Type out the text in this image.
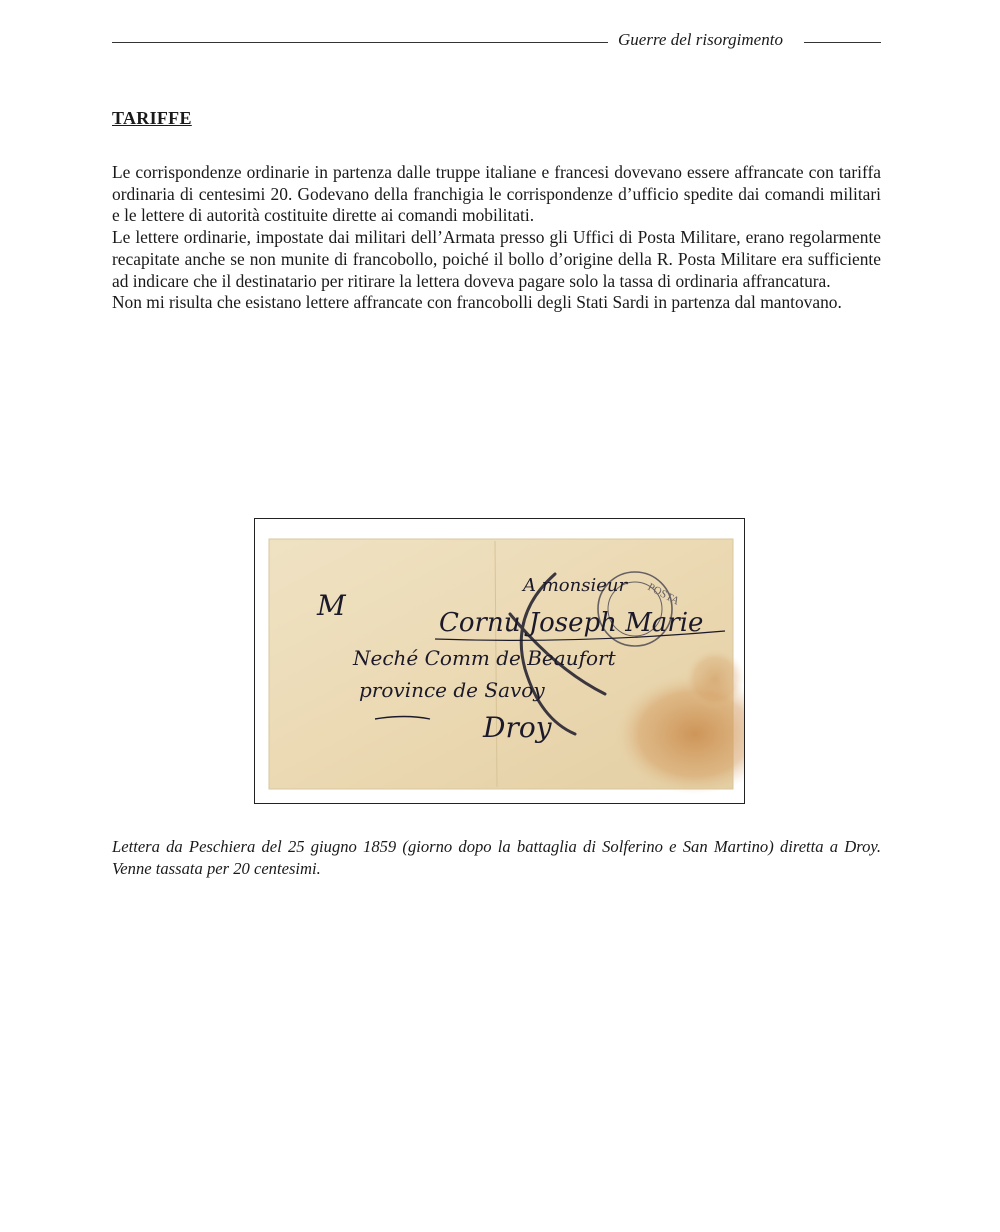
Guerre del risorgimento
TARIFFE

Le corrispondenze ordinarie in partenza dalle truppe italiane e francesi dovevano essere affrancate con tariffa ordinaria di centesimi 20. Godevano della franchigia le corrispondenze d’ufficio spedite dai comandi militari e le lettere di autorità costituite dirette ai comandi mobilitati.

Le lettere ordinarie, impostate dai militari dell’Armata presso gli Uffici di Posta Militare, erano regolarmente recapitate anche se non munite di francobollo, poiché il bollo d’origine della R. Posta Militare era sufficiente ad indicare che il destinatario per ritirare la lettera doveva pagare solo la tassa di ordinaria affrancatura.

Non mi risulta che esistano lettere affrancate con francobolli degli Stati Sardi in partenza dal mantovano.

POSTA
A monsieur
M
Cornu Joseph Marie
Neché Comm de Beaufort
province de Savoy
Droy
Lettera da Peschiera del 25 giugno 1859 (giorno dopo la battaglia di Solferino e San Martino) diretta a Droy. Venne tassata per 20 centesimi.
